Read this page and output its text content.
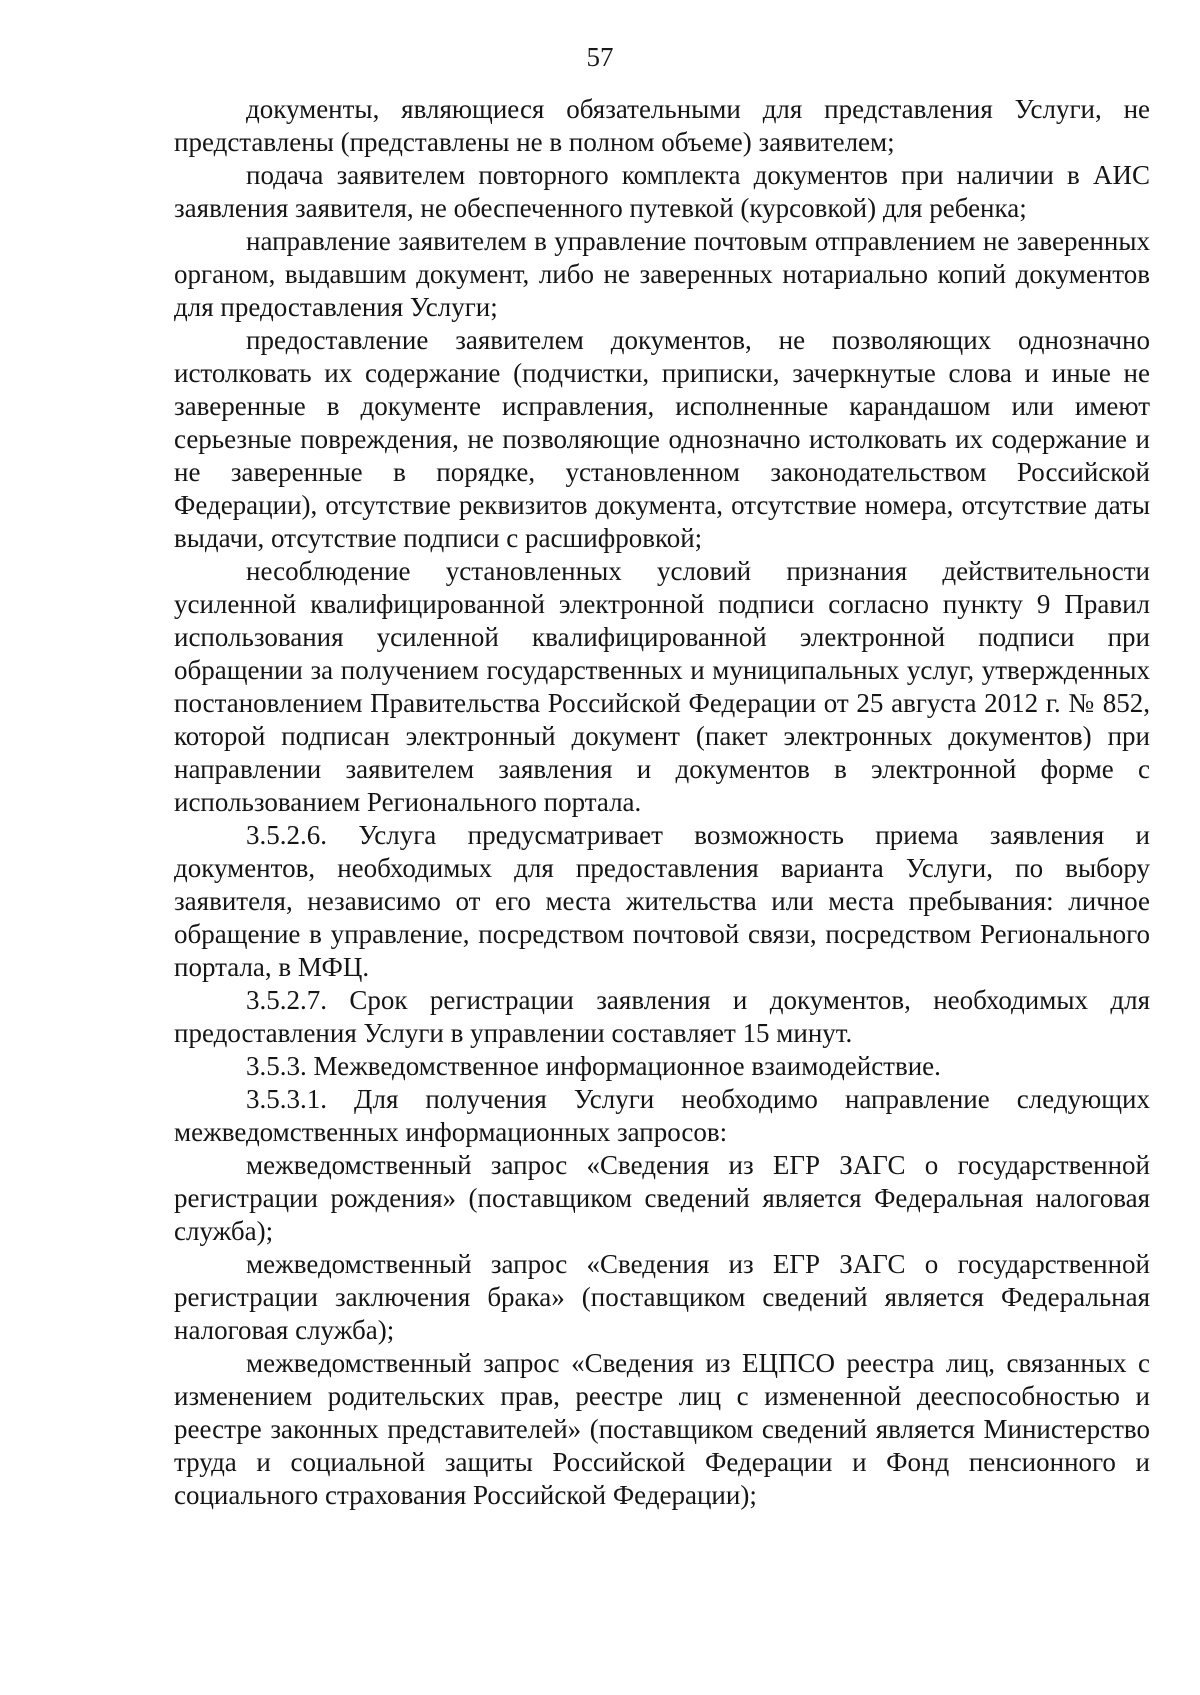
57

документы, являющиеся обязательными для представления Услуги, не представлены (представлены не в полном объеме) заявителем;

подача заявителем повторного комплекта документов при наличии в АИС заявления заявителя, не обеспеченного путевкой (курсовкой) для ребенка;

направление заявителем в управление почтовым отправлением не заверенных органом, выдавшим документ, либо не заверенных нотариально копий документов для предоставления Услуги;

предоставление заявителем документов, не позволяющих однозначно истолковать их содержание (подчистки, приписки, зачеркнутые слова и иные не заверенные в документе исправления, исполненные карандашом или имеют серьезные повреждения, не позволяющие однозначно истолковать их содержание и не заверенные в порядке, установленном законодательством Российской Федерации), отсутствие реквизитов документа, отсутствие номера, отсутствие даты выдачи, отсутствие подписи с расшифровкой;

несоблюдение установленных условий признания действительности усиленной квалифицированной электронной подписи согласно пункту 9 Правил использования усиленной квалифицированной электронной подписи при обращении за получением государственных и муниципальных услуг, утвержденных постановлением Правительства Российской Федерации от 25 августа 2012 г. № 852, которой подписан электронный документ (пакет электронных документов) при направлении заявителем заявления и документов в электронной форме с использованием Регионального портала.

3.5.2.6. Услуга предусматривает возможность приема заявления и документов, необходимых для предоставления варианта Услуги, по выбору заявителя, независимо от его места жительства или места пребывания: личное обращение в управление, посредством почтовой связи, посредством Регионального портала, в МФЦ.

3.5.2.7. Срок регистрации заявления и документов, необходимых для предоставления Услуги в управлении составляет 15 минут.

3.5.3. Межведомственное информационное взаимодействие.

3.5.3.1. Для получения Услуги необходимо направление следующих межведомственных информационных запросов:

межведомственный запрос «Сведения из ЕГР ЗАГС о государственной регистрации рождения» (поставщиком сведений является Федеральная налоговая служба);

межведомственный запрос «Сведения из ЕГР ЗАГС о государственной регистрации заключения брака» (поставщиком сведений является Федеральная налоговая служба);

межведомственный запрос «Сведения из ЕЦПСО реестра лиц, связанных с изменением родительских прав, реестре лиц с измененной дееспособностью и реестре законных представителей» (поставщиком сведений является Министерство труда и социальной защиты Российской Федерации и Фонд пенсионного и социального страхования Российской Федерации);
